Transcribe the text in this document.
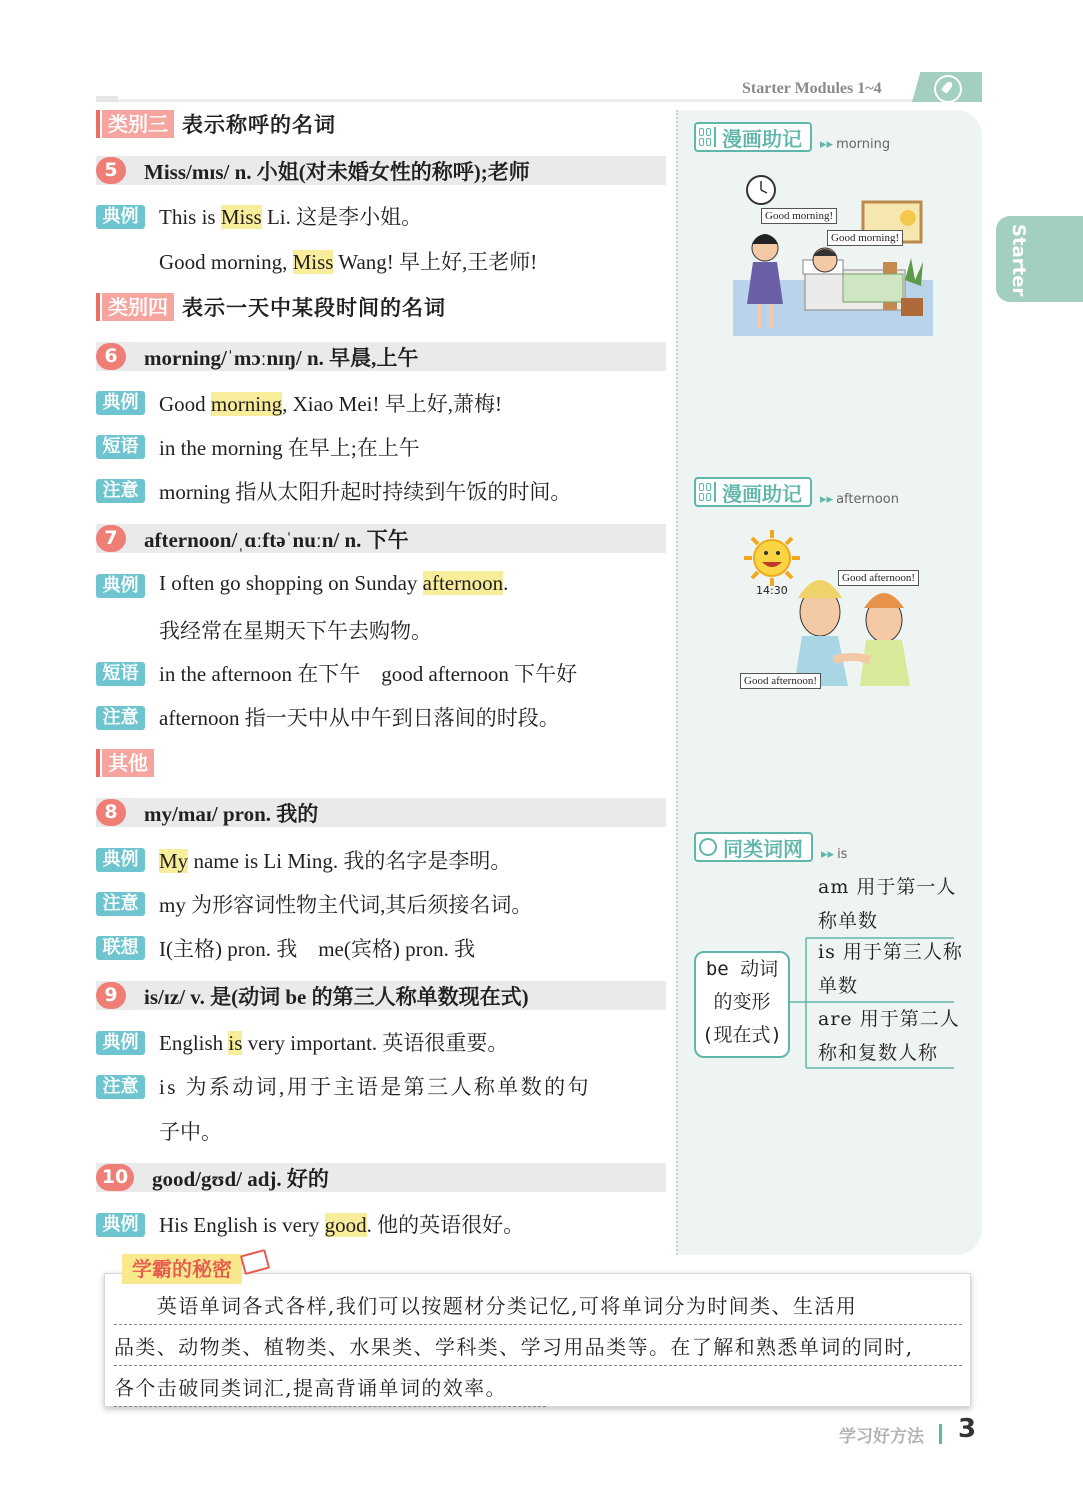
Starter Modules 1~4
Starter
类别三 表示称呼的名词
5	Miss/mɪs/ n. 小姐(对未婚女性的称呼);老师
典例 This is Miss Li. 这是李小姐。
Good morning, Miss Wang! 早上好,王老师!
类别四 表示一天中某段时间的名词
6	morning/ˈmɔːnɪŋ/ n. 早晨,上午
典例 Good morning, Xiao Mei! 早上好,萧梅!
短语 in the morning 在早上;在上午
注意 morning 指从太阳升起时持续到午饭的时间。
7	afternoon/ˌɑːftəˈnuːn/ n. 下午
典例 I often go shopping on Sunday afternoon.
我经常在星期天下午去购物。
短语 in the afternoon 在下午    good afternoon 下午好
注意 afternoon 指一天中从中午到日落间的时段。
其他
8	my/maɪ/ pron. 我的
典例 My name is Li Ming. 我的名字是李明。
注意 my 为形容词性物主代词,其后须接名词。
联想 I(主格) pron. 我    me(宾格) pron. 我
9	is/ɪz/ v. 是(动词 be 的第三人称单数现在式)
典例 English is very important. 英语很重要。
注意 is 为系动词,用于主语是第三人称单数的句
子中。
10 good/gʊd/ adj. 好的
典例 His English is very good. 他的英语很好。
漫画助记 ▸▸ morning
Good morning!
Good morning!
漫画助记 ▸▸ afternoon
14:30
Good afternoon!
Good afternoon!
同类词网 ▸▸ is
be 动词
的变形
(现在式)
am 用于第一人
称单数
is 用于第三人称
单数
are 用于第二人
称和复数人称
学霸的秘密
　　英语单词各式各样,我们可以按题材分类记忆,可将单词分为时间类、生活用
品类、动物类、植物类、水果类、学科类、学习用品类等。在了解和熟悉单词的同时,
各个击破同类词汇,提高背诵单词的效率。
学习好方法 3
